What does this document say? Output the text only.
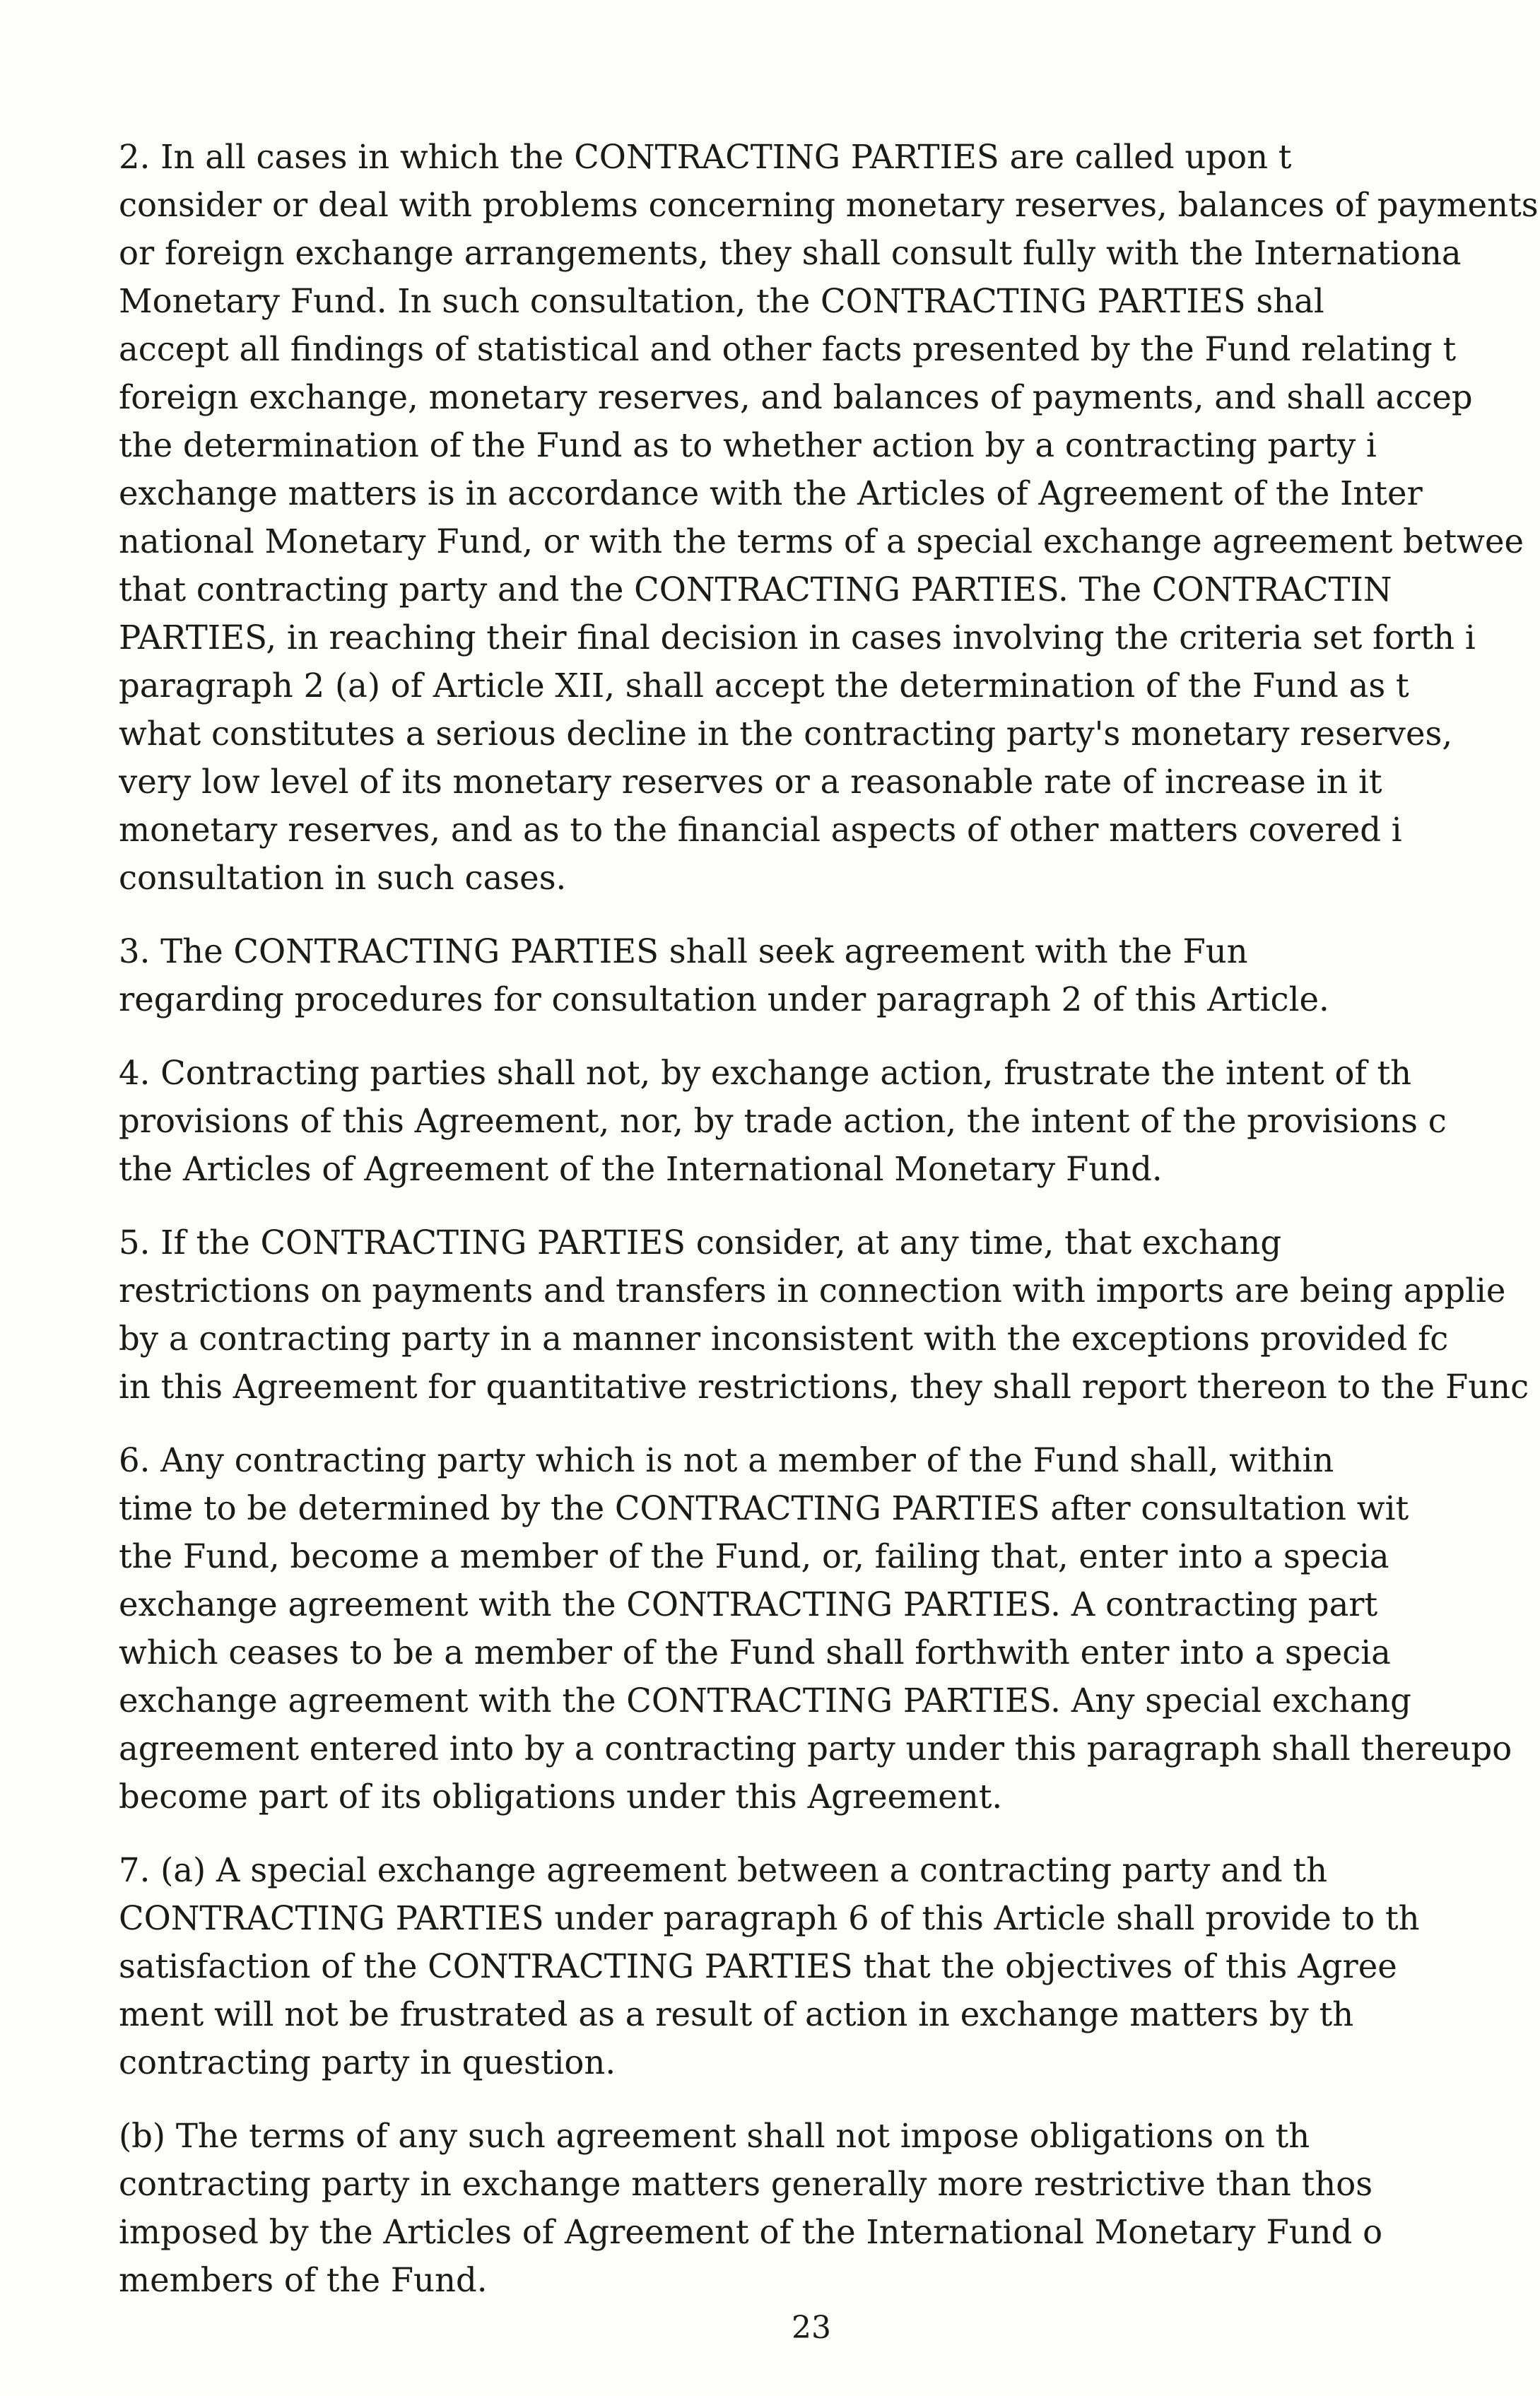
2. In all cases in which the CONTRACTING PARTIES are called upon t
consider or deal with problems concerning monetary reserves, balances of payments
or foreign exchange arrangements, they shall consult fully with the Internationa
Monetary Fund. In such consultation, the CONTRACTING PARTIES shal
accept all findings of statistical and other facts presented by the Fund relating t
foreign exchange, monetary reserves, and balances of payments, and shall accep
the determination of the Fund as to whether action by a contracting party i
exchange matters is in accordance with the Articles of Agreement of the Inter
national Monetary Fund, or with the terms of a special exchange agreement betwee
that contracting party and the CONTRACTING PARTIES. The CONTRACTIN
PARTIES, in reaching their final decision in cases involving the criteria set forth i
paragraph 2 (a) of Article XII, shall accept the determination of the Fund as t
what constitutes a serious decline in the contracting party's monetary reserves,
very low level of its monetary reserves or a reasonable rate of increase in it
monetary reserves, and as to the financial aspects of other matters covered i
consultation in such cases.

3. The CONTRACTING PARTIES shall seek agreement with the Fun
regarding procedures for consultation under paragraph 2 of this Article.

4. Contracting parties shall not, by exchange action, frustrate the intent of th
provisions of this Agreement, nor, by trade action, the intent of the provisions c
the Articles of Agreement of the International Monetary Fund.

5. If the CONTRACTING PARTIES consider, at any time, that exchang
restrictions on payments and transfers in connection with imports are being applie
by a contracting party in a manner inconsistent with the exceptions provided fc
in this Agreement for quantitative restrictions, they shall report thereon to the Func

6. Any contracting party which is not a member of the Fund shall, within
time to be determined by the CONTRACTING PARTIES after consultation wit
the Fund, become a member of the Fund, or, failing that, enter into a specia
exchange agreement with the CONTRACTING PARTIES. A contracting part
which ceases to be a member of the Fund shall forthwith enter into a specia
exchange agreement with the CONTRACTING PARTIES. Any special exchang
agreement entered into by a contracting party under this paragraph shall thereupo
become part of its obligations under this Agreement.

7. (a) A special exchange agreement between a contracting party and th
CONTRACTING PARTIES under paragraph 6 of this Article shall provide to th
satisfaction of the CONTRACTING PARTIES that the objectives of this Agree
ment will not be frustrated as a result of action in exchange matters by th
contracting party in question.

(b) The terms of any such agreement shall not impose obligations on th
contracting party in exchange matters generally more restrictive than thos
imposed by the Articles of Agreement of the International Monetary Fund o
members of the Fund.

23
